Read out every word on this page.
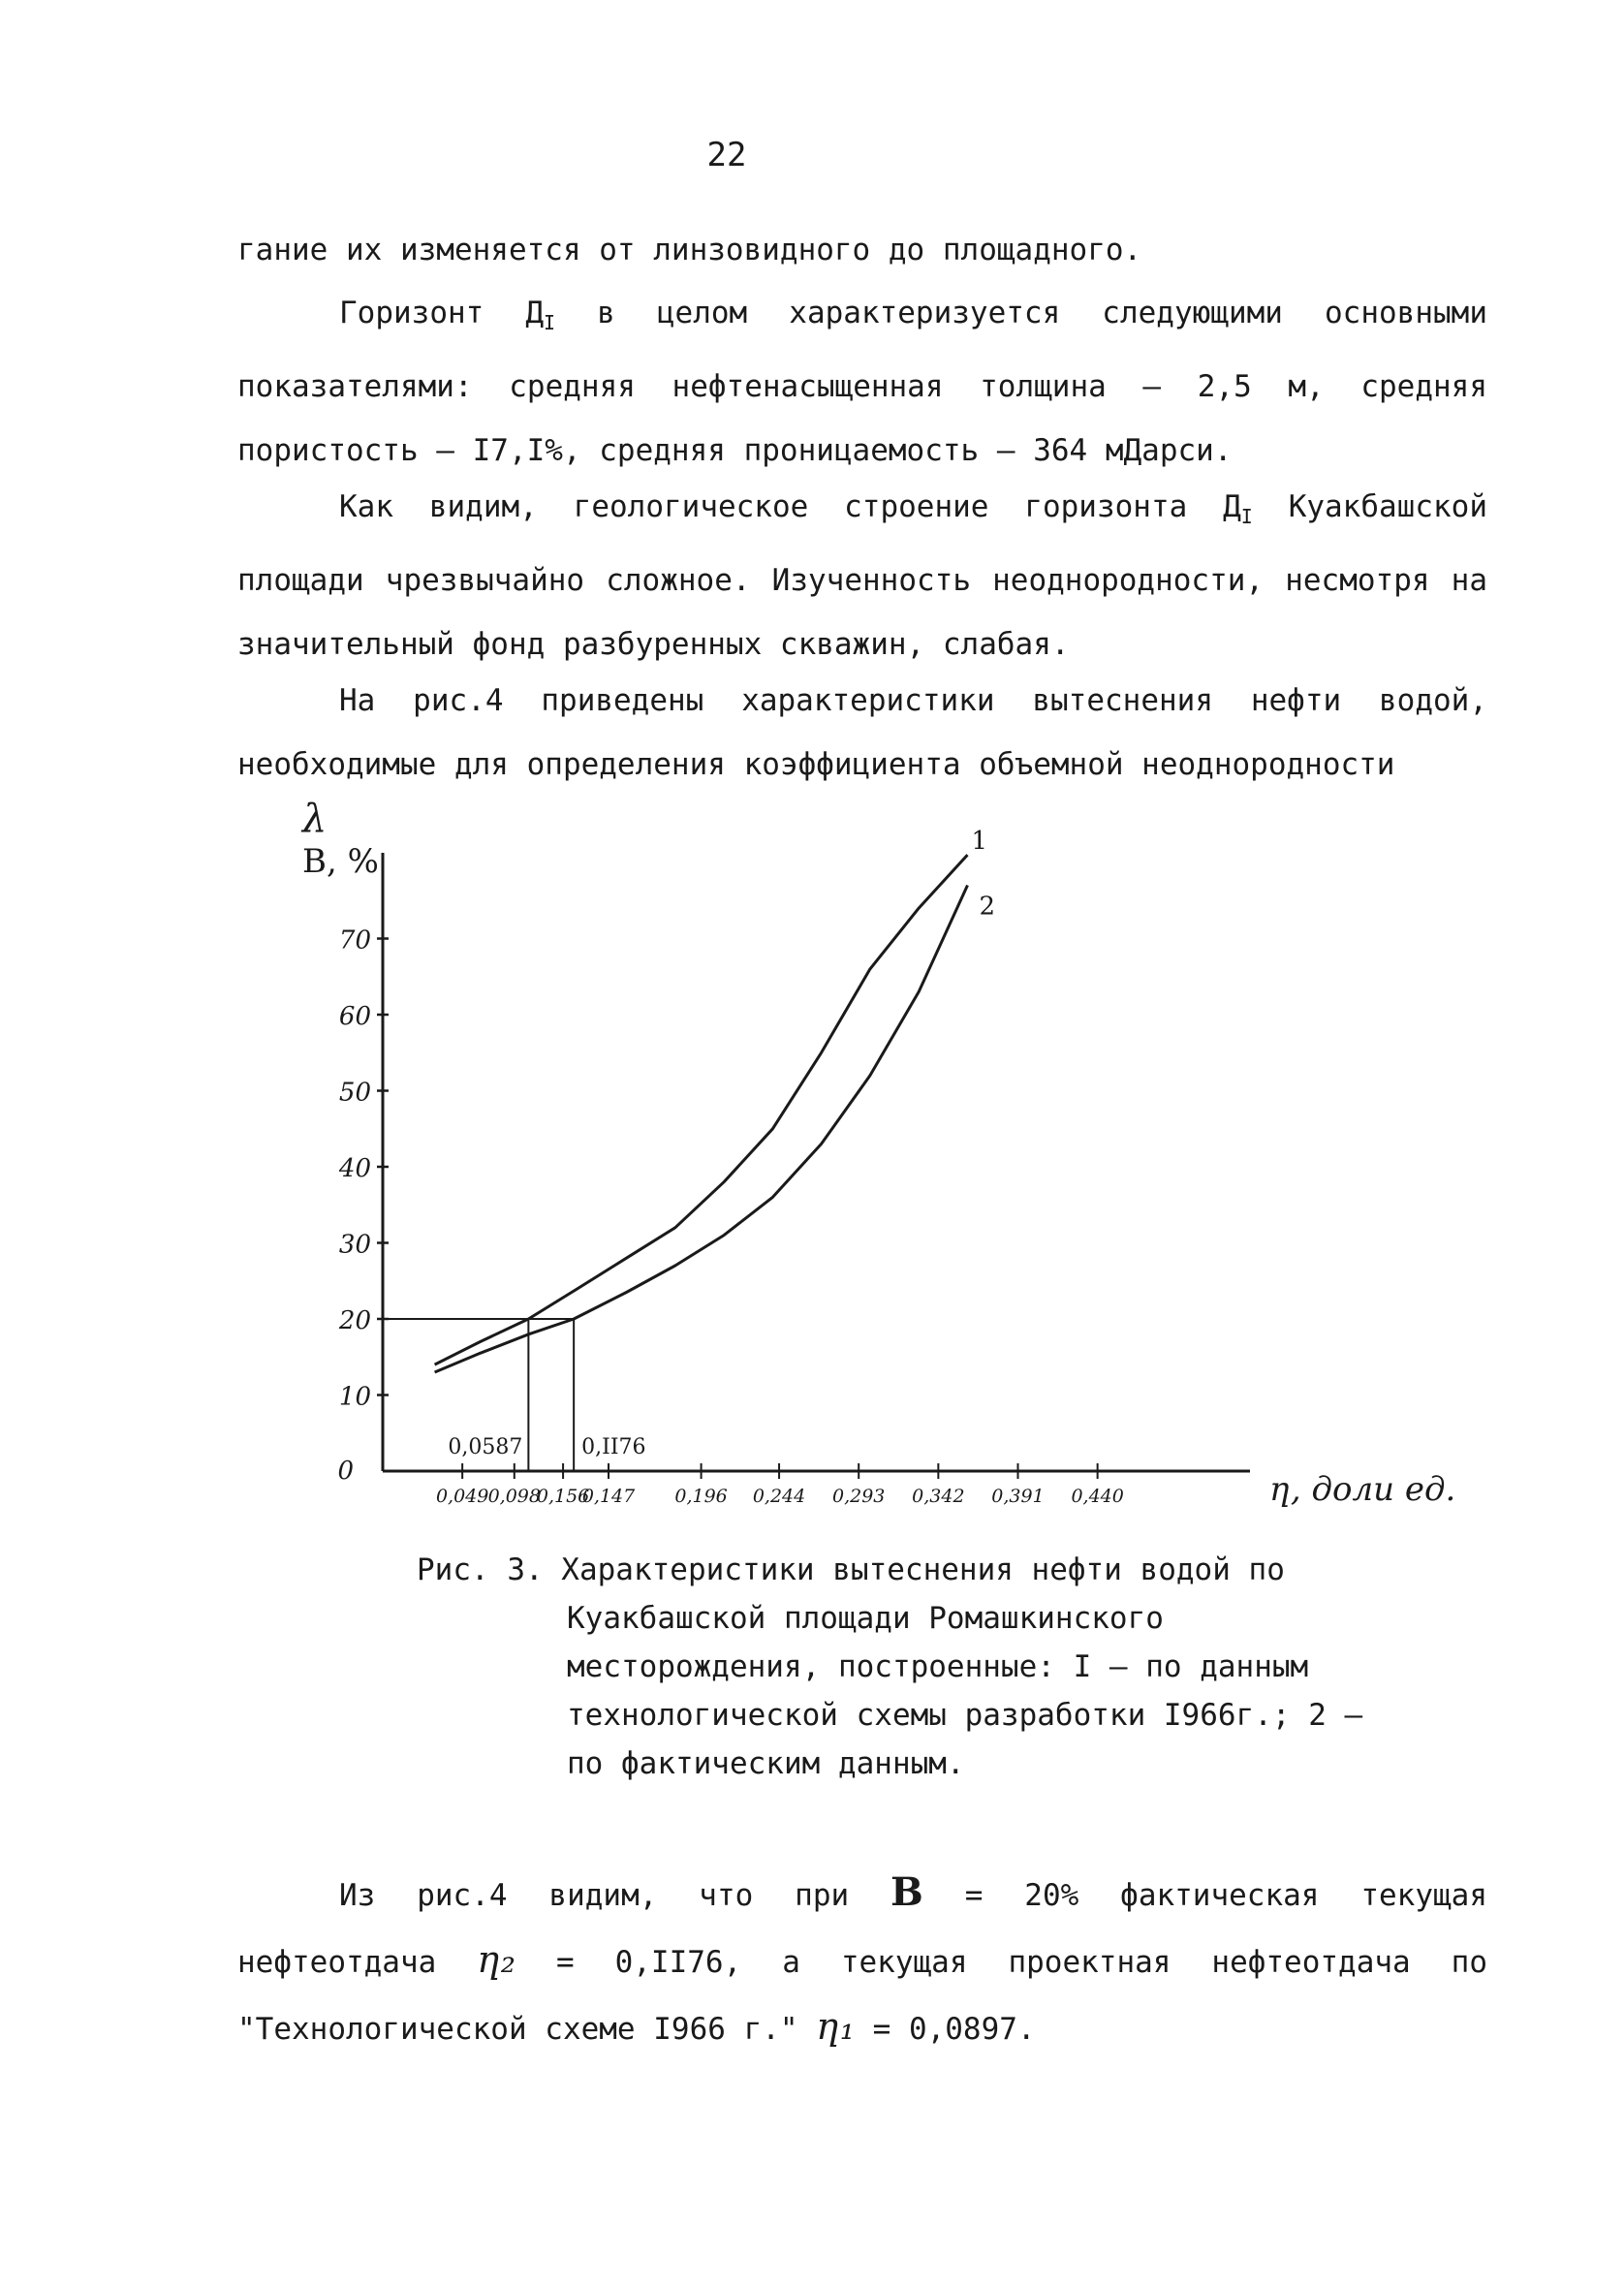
22
гание их изменяется от линзовидного до площадного.
Горизонт $Д_I$ в целом характеризуется следующими основными показателями: средняя нефтенасыщенная толщина – 2,5 м, средняя пористость – I7,I%, средняя проницаемость – 364 мДарси.
Как видим, геологическое строение горизонта $Д_I$ Куакбашской площади чрезвычайно сложное. Изученность неоднородности, несмотря на значительный фонд разбуренных скважин, слабая.
На рис.4 приведены характеристики вытеснения нефти водой, необходимые для определения коэффициента объемной неоднородности
10
20
30
40
50
60
70
0,049 0,098
0,156
0,147 0,196 0,244 0,293 0,342 0,391 0,440
0
λ
B, %
ƞ, доли ед.
0,0587	0,II76
1
2
Рис. 3. Характеристики вытеснения нефти водой по
Куакбашской площади Ромашкинского месторождения, построенные: I – по данным технологической схемы разработки I966г.; 2 – по фактическим данным.
Из рис.4 видим, что при B = 20% фактическая текущая нефтеотдача ƞ₂ = 0,II76, а текущая проектная нефтеотдача по "Технологической схеме I966 г." ƞ₁ = 0,0897.
